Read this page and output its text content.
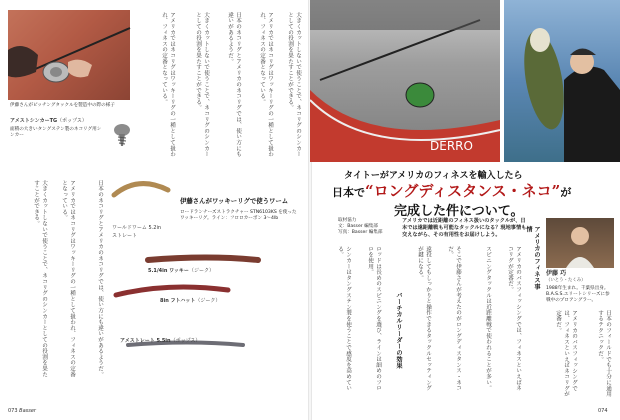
伊藤さんがピッチングタックルを製造中の際の様子
アメストシンカーTG（ポップス）
面積の大きいタングステン製のネコリグ用シンカー	大きくカットしないで使うことで、ネコリグのシンカーとしての役割を果たすことができる。
アメリカではネコリグはワッキーリグの一種として扱われ、フィネスの定番となっている。
日本のネコリグとアメリカのネコリグでは、使い方にも違いがあるようだ。
大きくカットしないで使うことで、ネコリグのシンカーとしての役割を果たすことができる。
アメリカではネコリグはワッキーリグの一種として扱われ、フィネスの定番となっている。
日本のネコリグとアメリカのネコリグでは、使い方にも違いがあるようだ。
アメリカではネコリグはワッキーリグの一種として扱われ、フィネスの定番となっている。
大きくカットしないで使うことで、ネコリグのシンカーとしての役割を果たすことができる。	伊藤さんがワッキーリグで使うワーム
ロードランナーズストラクチャー STN6103KS を使ったワッキーリグ。ライン：フロロカーボン 3〜4lb
ワールドワーム 5.2in
ストレート
5.1/4in ワッキー（ジーク）
8in フトハット（ジーク）
アメストレート 5.5in（ポップス）
073 Basser
DERRO
タイトーがアメリカのフィネスを輸入したら
日本で“ロングディスタンス・ネコ”が
完成した件について。
取材協力
文：Basser 編集部
写真：Basser 編集部
アメリカでは近距離のフィネス扱いのタックルが、日本では遠距離戦も可能なタックルになる？現地事情も交えながら、その有用性をお届けしよう。	アメリカのフィネス事情
伊藤 巧
（いとう・たくみ）
1988年生まれ。千葉県出身。B.A.S.S.エリートシリーズに参戦中のプロアングラー。
アメリカのバスフィッシングでは、フィネスといえばネコリグが定番だ。
スピニングタックルは近距離戦で使われることが多い。
そこで伊藤さんが考えたのがロングディスタンス・ネコだ。
遠投してもしっかりと操作できるタックルセッティングが鍵になる。
バーチカルリーダーの効果
ロッドは長めのスピニングを選び、ラインは細めのフロロを使用。
シンカーはタングステン製を使うことで感度を高めている。
日本のフィールドでも十分に通用するテクニックだ。
アメリカのバスフィッシングでは、フィネスといえばネコリグが定番だ。
074
